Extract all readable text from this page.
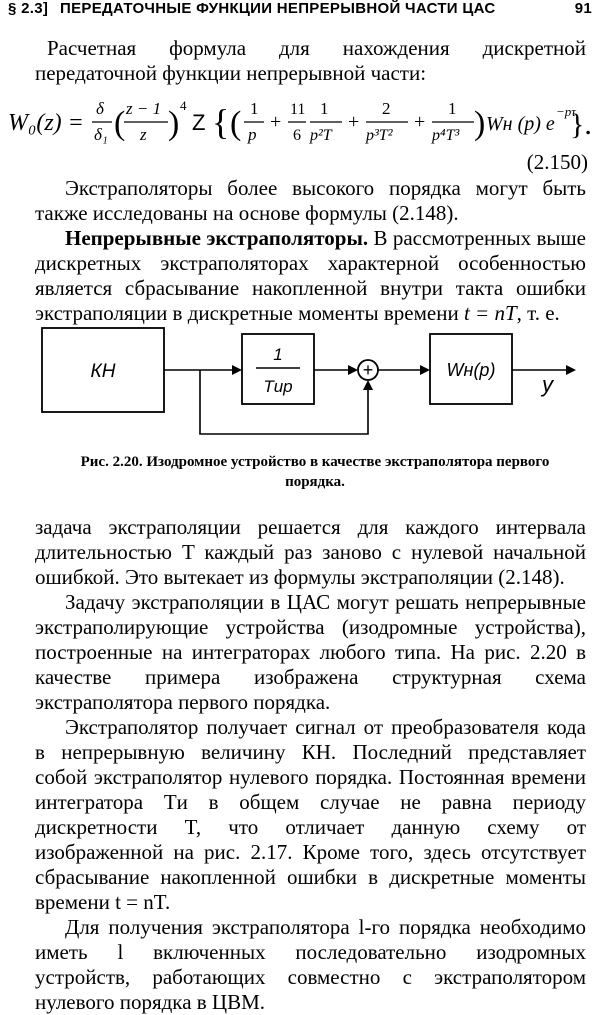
§ 2.3] ПЕРЕДАТОЧНЫЕ ФУНКЦИИ НЕПРЕРЫВНОЙ ЧАСТИ ЦАС	91
Расчетная формула для нахождения дискретной передаточной функции непрерывной части:
W₀(z) =
δ
δ₁ ( z − 1
z ) 4
Z { ( 1
p
+
11
6
1
p²T
+
2
p³T²
+
1
p⁴T³ ) Wн (p) e
−pτ
}.
(2.150)
Экстраполяторы более высокого порядка могут быть также исследованы на основе формулы (2.148).
Непрерывные экстраполяторы. В рассмотренных выше дискретных экстраполяторах характерной особенностью является сбрасывание накопленной внутри такта ошибки экстраполяции в дискретные моменты времени t = nT, т. е.
КН
1
Tиp
+	Wн(p)
y
Рис. 2.20. Изодромное устройство в качестве экстраполятора первого порядка.
задача экстраполяции решается для каждого интервала длительностью T каждый раз заново с нулевой начальной ошибкой. Это вытекает из формулы экстраполяции (2.148).
Задачу экстраполяции в ЦАС могут решать непрерывные экстраполирующие устройства (изодромные устройства), построенные на интеграторах любого типа. На рис. 2.20 в качестве примера изображена структурная схема экстраполятора первого порядка.
Экстраполятор получает сигнал от преобразователя кода в непрерывную величину КН. Последний представляет собой экстраполятор нулевого порядка. Постоянная времени интегратора Tи в общем случае не равна периоду дискретности T, что отличает данную схему от изображенной на рис. 2.17. Кроме того, здесь отсутствует сбрасывание накопленной ошибки в дискретные моменты времени t = nT.
Для получения экстраполятора l-го порядка необходимо иметь l включенных последовательно изодромных устройств, работающих совместно с экстраполятором нулевого порядка в ЦВМ.
